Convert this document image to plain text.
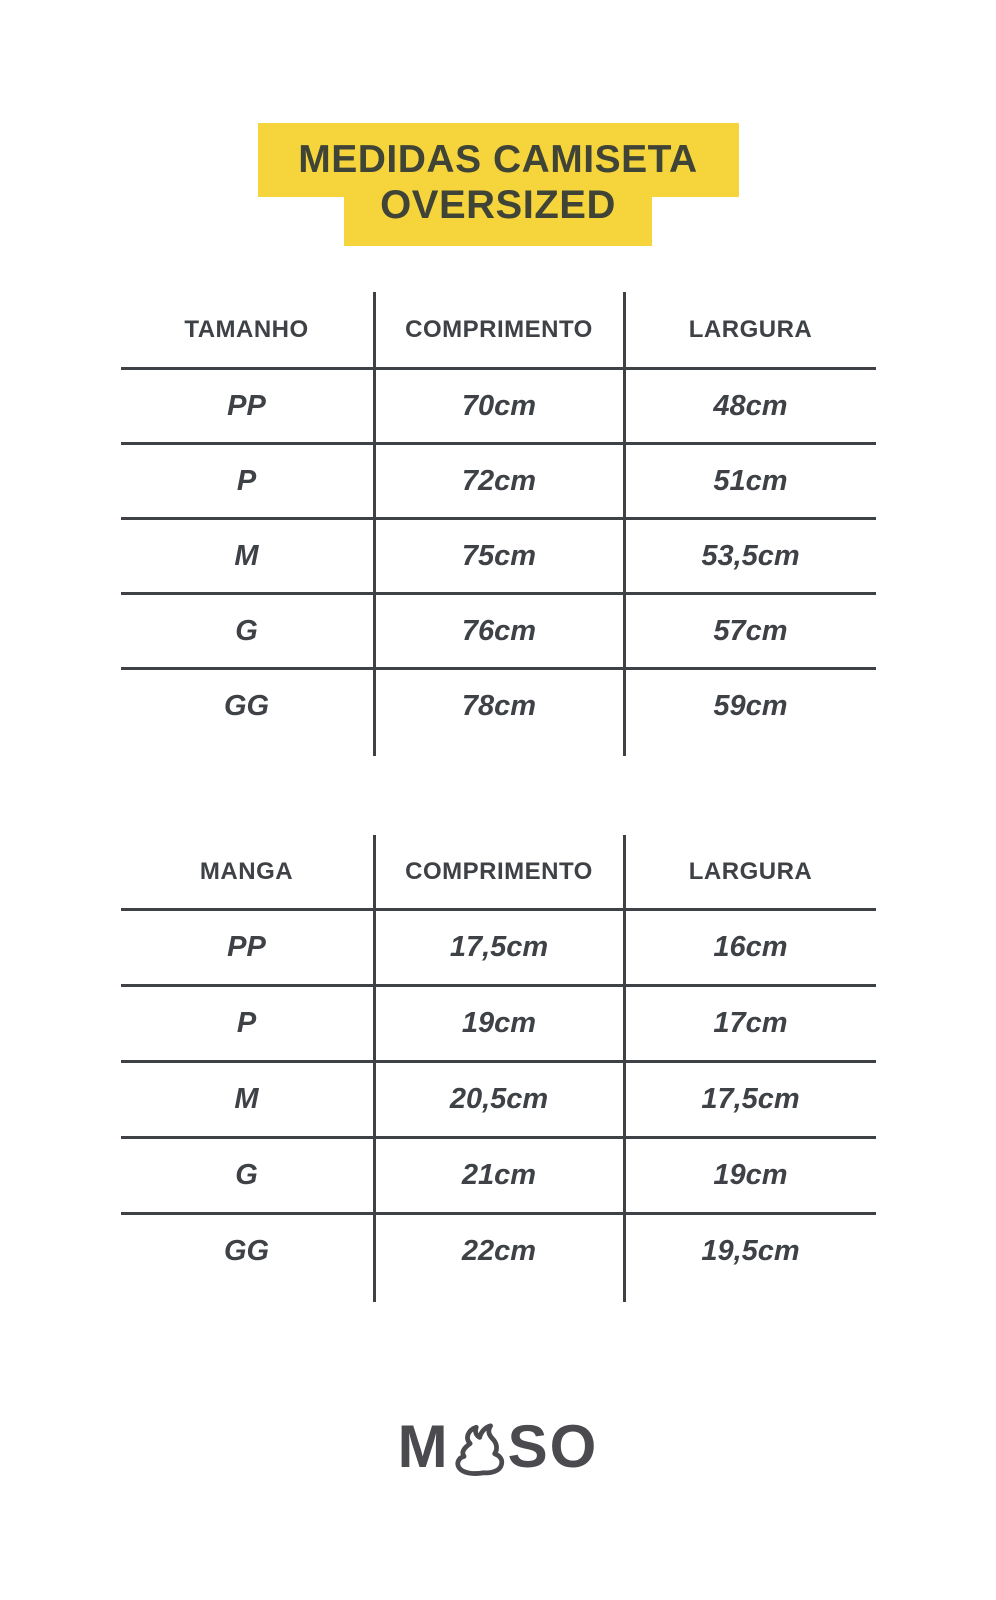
MEDIDAS CAMISETA
OVERSIZED
TAMANHO	COMPRIMENTO	LARGURA
PP	70cm	48cm
P	72cm	51cm
M	75cm	53,5cm
G	76cm	57cm
GG	78cm	59cm
MANGA	COMPRIMENTO	LARGURA
PP	17,5cm	16cm
P	19cm	17cm
M	20,5cm	17,5cm
G	21cm	19cm
GG	22cm	19,5cm
M SO
